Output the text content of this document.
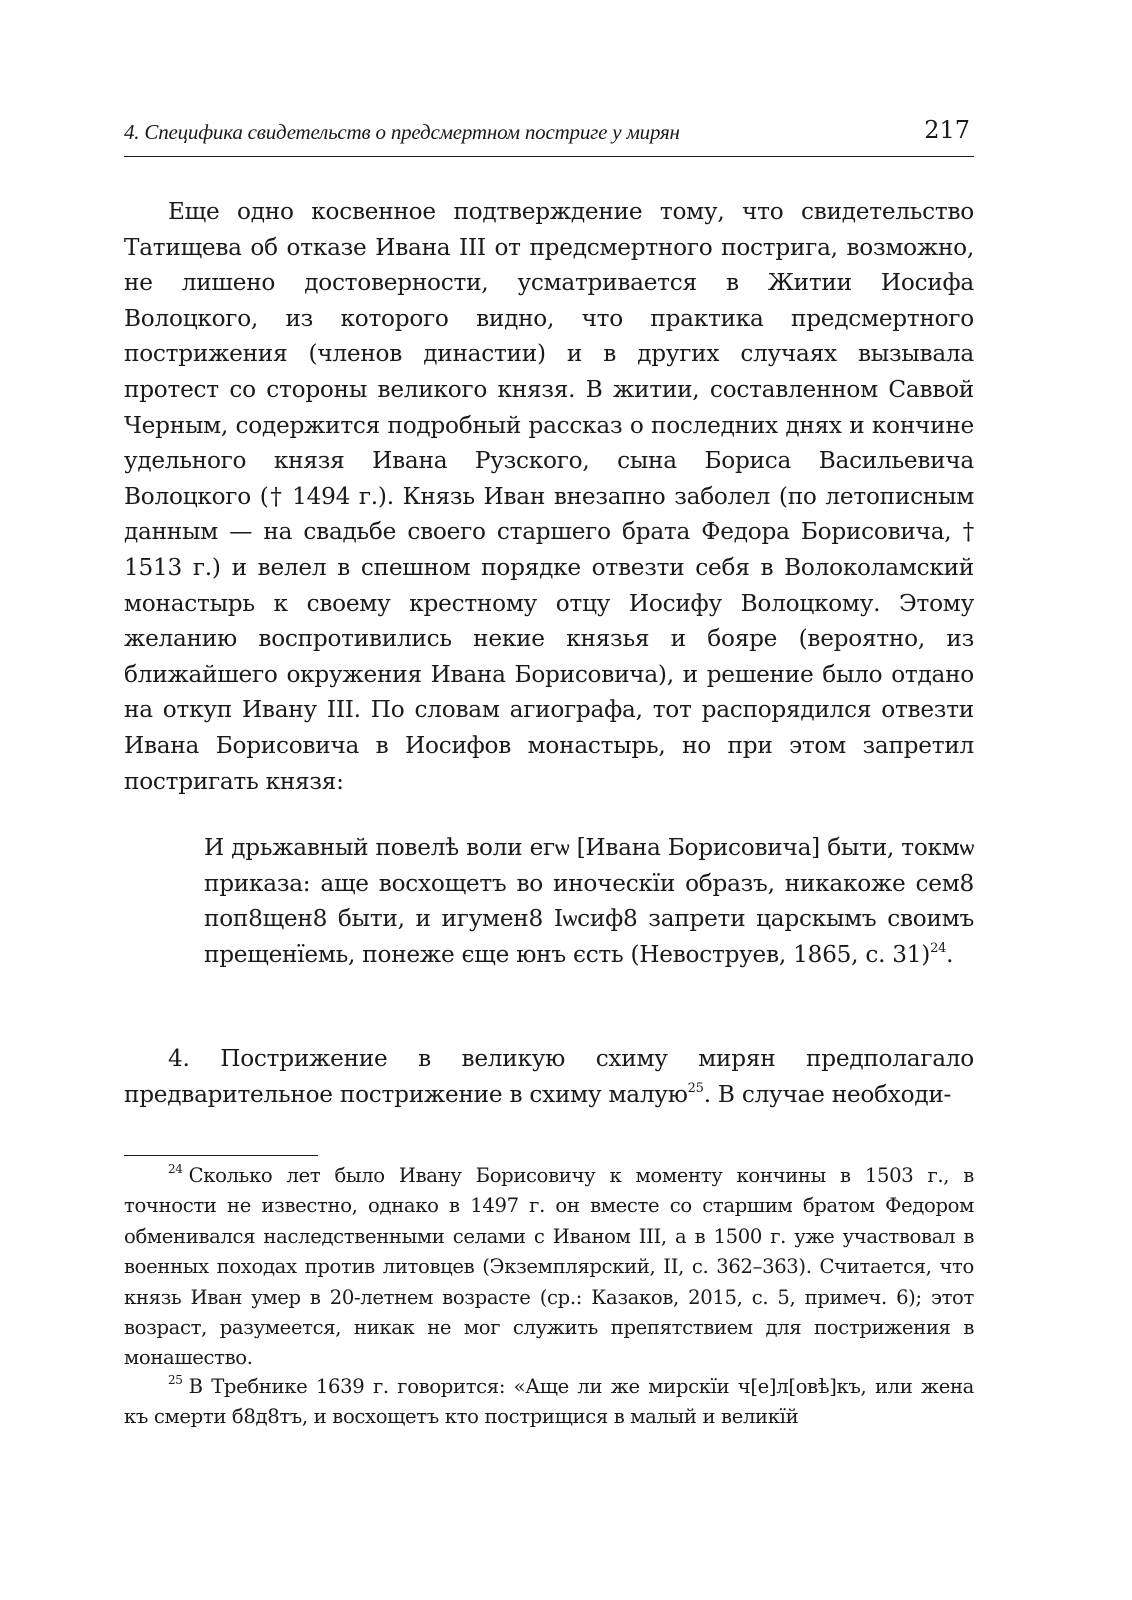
4. Специфика свидетельств о предсмертном постриге у мирян	217

Еще одно косвенное подтверждение тому, что свидетельство Татищева об отказе Ивана III от предсмертного пострига, возможно, не лишено достоверности, усматривается в Житии Иосифа Волоцкого, из которого видно, что практика предсмертного пострижения (членов династии) и в других случаях вызывала протест со стороны великого князя. В житии, составленном Саввой Черным, содержится подробный рассказ о последних днях и кончине удельного князя Ивана Рузского, сына Бориса Васильевича Волоцкого († 1494 г.). Князь Иван внезапно заболел (по летописным данным — на свадьбе своего старшего брата Федора Борисовича, † 1513 г.) и велел в спешном порядке отвезти себя в Волоколамский монастырь к своему крестному отцу Иосифу Волоцкому. Этому желанию воспротивились некие князья и бояре (вероятно, из ближайшего окружения Ивана Борисовича), и решение было отдано на откуп Ивану III. По словам агиографа, тот распорядился отвезти Ивана Борисовича в Иосифов монастырь, но при этом запретил постригать князя:

И дрьжавный повелѣ воли егѡ [Ивана Борисовича] быти, токмѡ приказа: аще восхощетъ во иноческїи образъ, никакоже сем8 поп8щен8 быти, и игумен8 Іѡсиф8 запрети царскымъ своимъ прещенїемь, понеже єще юнъ єсть (Невоструев, 1865, с. 31)$^{24}$.

4. Пострижение в великую схиму мирян предполагало предварительное пострижение в схиму малую$^{25}$. В случае необходи-

$^{24}$ Сколько лет было Ивану Борисовичу к моменту кончины в 1503 г., в точности не известно, однако в 1497 г. он вместе со старшим братом Федором обменивался наследственными селами с Иваном III, а в 1500 г. уже участвовал в военных походах против литовцев (Экземплярский, II, с. 362–363). Считается, что князь Иван умер в 20-летнем возрасте (ср.: Казаков, 2015, с. 5, примеч. 6); этот возраст, разумеется, никак не мог служить препятствием для пострижения в монашество.

$^{25}$ В Требнике 1639 г. говорится: «Аще ли же мирскїи ч[е]л[овѣ]къ, или жена къ смерти б8д8тъ, и восхощетъ кто пострищися в малый и великїй
